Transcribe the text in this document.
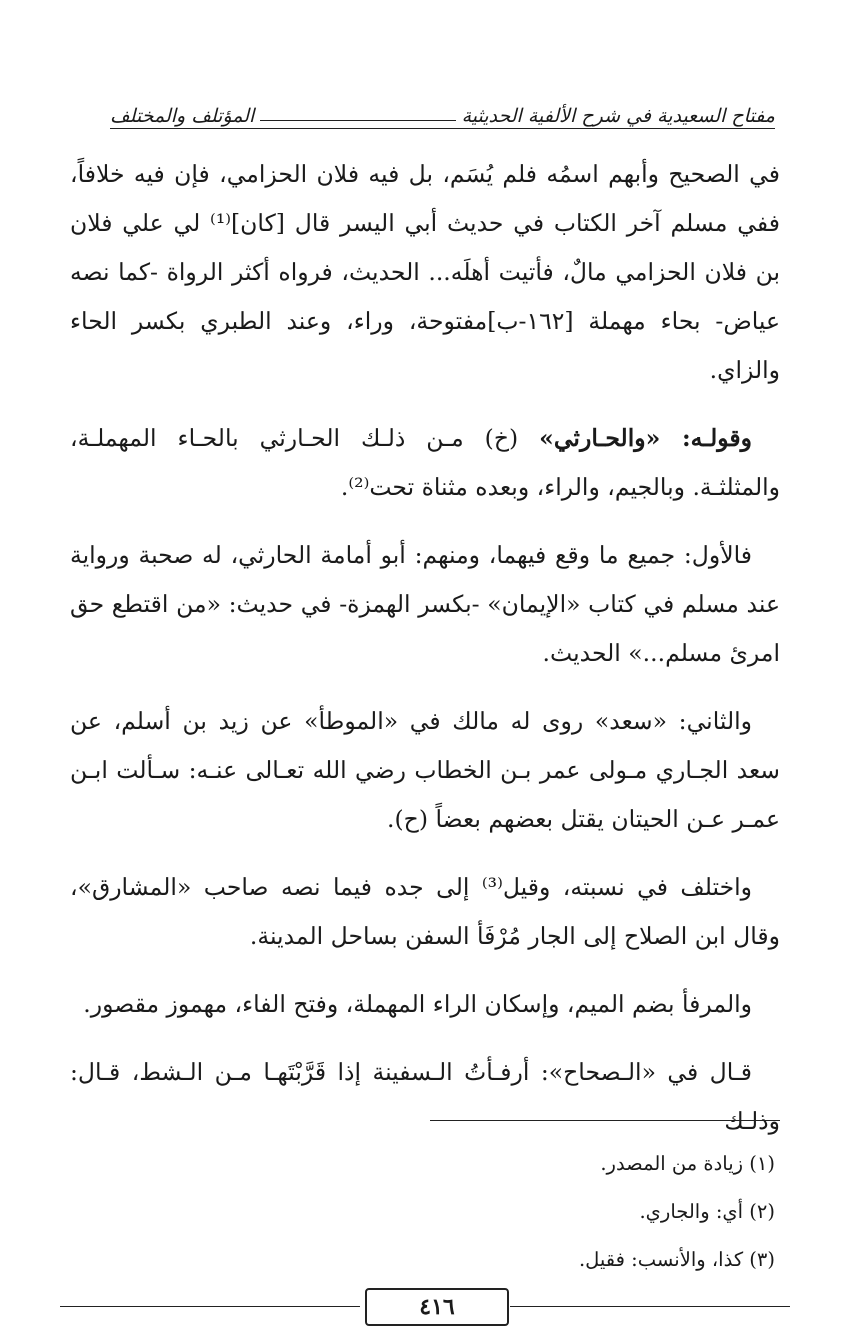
مفتاح السعيدية في شرح الألفية الحديثية
المؤتلف والمختلف

في الصحيح وأبهم اسمُه فلم يُسَم، بل فيه فلان الحزامي، فإن فيه خلافاً، ففي مسلم آخر الكتاب في حديث أبي اليسر قال [كان]⁽¹⁾ لي علي فلان بن فلان الحزامي مالٌ، فأتيت أهلَه... الحديث، فرواه أكثر الرواة -كما نصه عياض- بحاء مهملة [١٦٢-ب]مفتوحة، وراء، وعند الطبري بكسر الحاء والزاي.

وقولـه: «والحـارثي» (خ) مـن ذلـك الحـارثي بالحـاء المهملـة، والمثلثـة. وبالجيم، والراء، وبعده مثناة تحت⁽²⁾.

فالأول: جميع ما وقع فيهما، ومنهم: أبو أمامة الحارثي، له صحبة ورواية عند مسلم في كتاب «الإيمان» -بكسر الهمزة- في حديث: «من اقتطع حق امرئ مسلم...» الحديث.

والثاني: «سعد» روى له مالك في «الموطأ» عن زيد بن أسلم، عن سعد الجـاري مـولى عمر بـن الخطاب رضي الله تعـالى عنـه: سـألت ابـن عمـر عـن الحيتان يقتل بعضهم بعضاً (ح).

واختلف في نسبته، وقيل⁽³⁾ إلى جده فيما نصه صاحب «المشارق»، وقال ابن الصلاح إلى الجار مُرْفَأ السفن بساحل المدينة.

والمرفأ بضم الميم، وإسكان الراء المهملة، وفتح الفاء، مهموز مقصور.

قـال في «الـصحاح»: أرفـأتُ الـسفينة إذا قَرَّبْتَهـا مـن الـشط، قـال: وذلـك

(١) زيادة من المصدر.
(٢) أي: والجاري.
(٣) كذا، والأنسب: فقيل.
٤١٦
